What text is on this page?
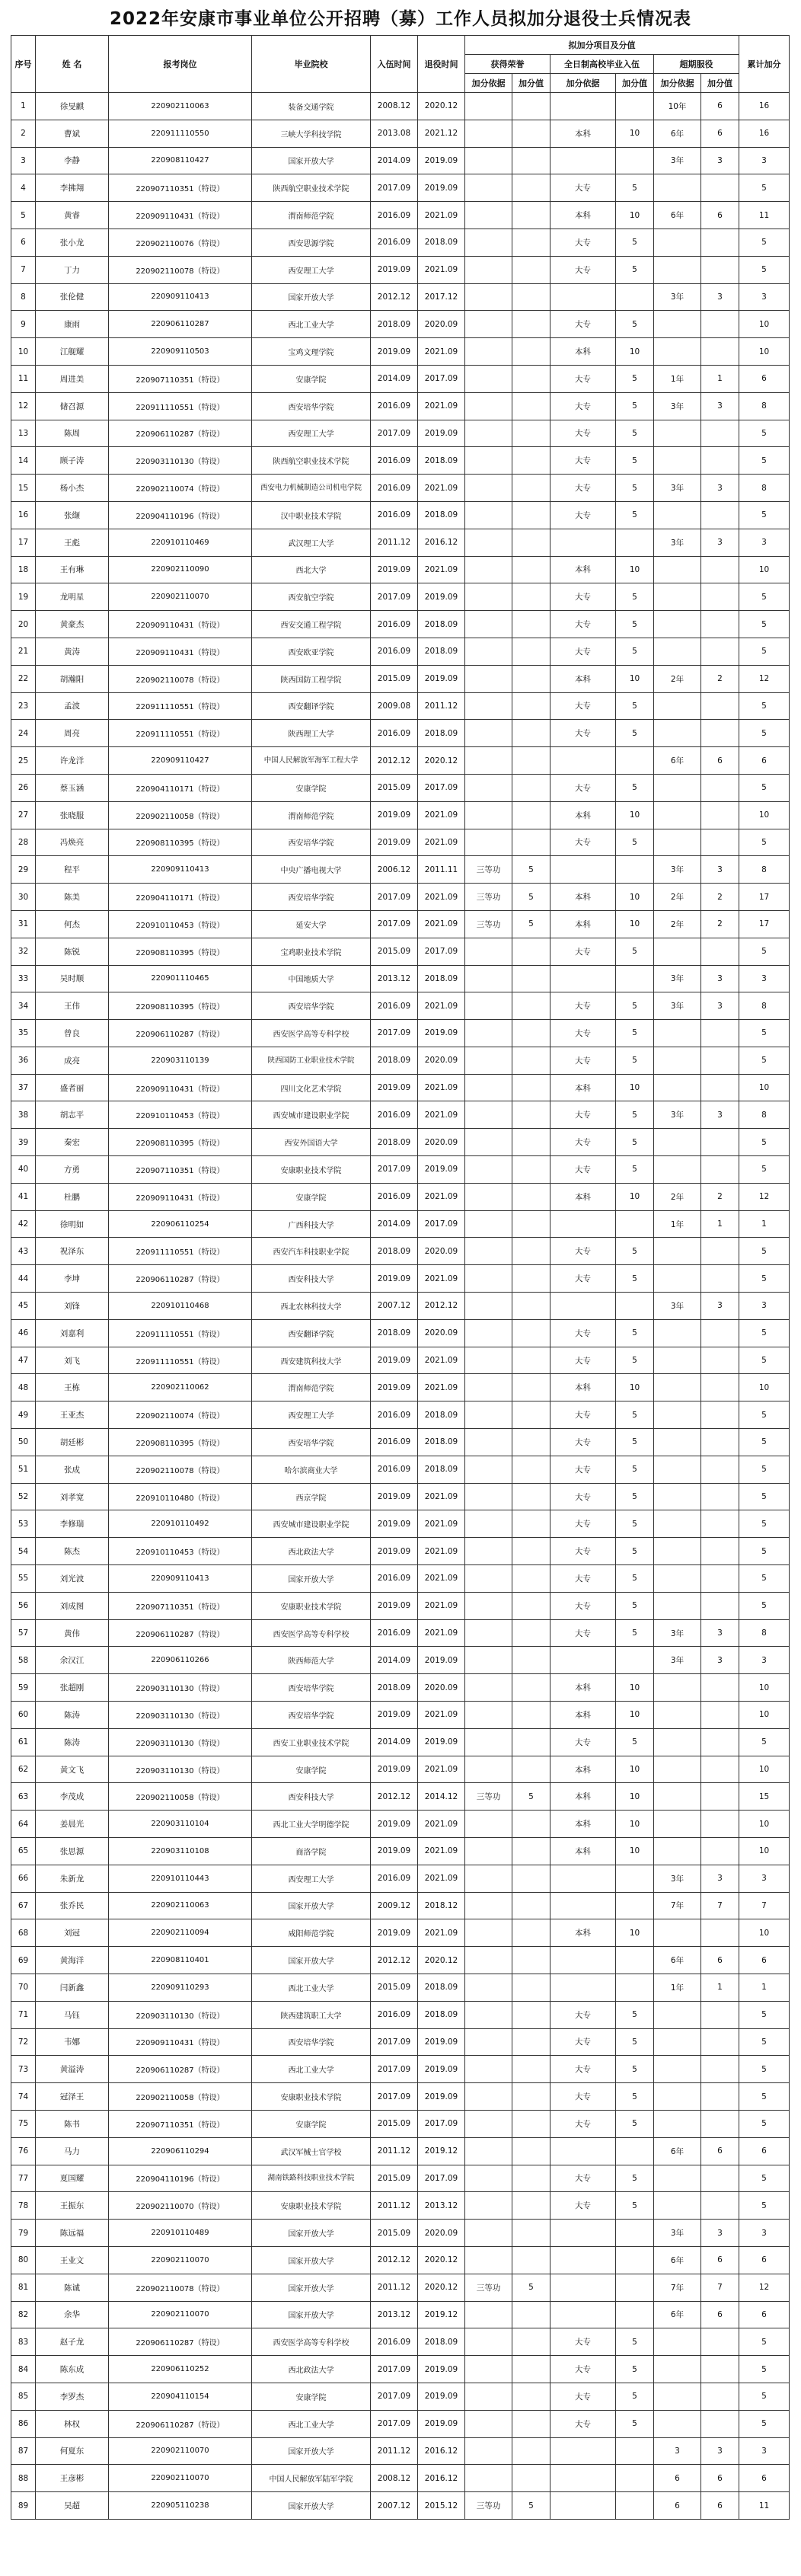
2022年安康市事业单位公开招聘（募）工作人员拟加分退役士兵情况表
序号	姓 名	报考岗位	毕业院校	入伍时间	退役时间	拟加分项目及分值						累计加分
						获得荣誉		全日制高校毕业入伍		超期服役		
						加分依据	加分值	加分依据	加分值	加分依据	加分值	
1	徐旻麒	220902110063	装备交通学院	2008.12	2020.12					10年	6	16
2	曹斌	220911110550	三峡大学科技学院	2013.08	2021.12			本科	10	6年	6	16
3	李静	220908110427	国家开放大学	2014.09	2019.09					3年	3	3
4	李拂翔	220907110351（特设）	陕西航空职业技术学院	2017.09	2019.09			大专	5			5
5	黄睿	220909110431（特设）	渭南师范学院	2016.09	2021.09			本科	10	6年	6	11
6	张小龙	220902110076（特设）	西安思源学院	2016.09	2018.09			大专	5			5
7	丁力	220902110078（特设）	西安理工大学	2019.09	2021.09			大专	5			5
8	张伦健	220909110413	国家开放大学	2012.12	2017.12					3年	3	3
9	康雨	220906110287	西北工业大学	2018.09	2020.09			大专	5			10
10	江舰耀	220909110503	宝鸡文理学院	2019.09	2021.09			本科	10			10
11	周进美	220907110351（特设）	安康学院	2014.09	2017.09			大专	5	1年	1	6
12	储召源	220911110551（特设）	西安培华学院	2016.09	2021.09			大专	5	3年	3	8
13	陈周	220906110287（特设）	西安理工大学	2017.09	2019.09			大专	5			5
14	顾子涛	220903110130（特设）	陕西航空职业技术学院	2016.09	2018.09			大专	5			5
15	杨小杰	220902110074（特设）	西安电力机械制造公司机电学院	2016.09	2021.09			大专	5	3年	3	8
16	张缬	220904110196（特设）	汉中职业技术学院	2016.09	2018.09			大专	5			5
17	王彪	220910110469	武汉理工大学	2011.12	2016.12					3年	3	3
18	王有琳	220902110090	西北大学	2019.09	2021.09			本科	10			10
19	龙明星	220902110070	西安航空学院	2017.09	2019.09			大专	5			5
20	黄豪杰	220909110431（特设）	西安交通工程学院	2016.09	2018.09			大专	5			5
21	黄涛	220909110431（特设）	西安欧亚学院	2016.09	2018.09			大专	5			5
22	胡瀚阳	220902110078（特设）	陕西国防工程学院	2015.09	2019.09			本科	10	2年	2	12
23	孟波	220911110551（特设）	西安翻译学院	2009.08	2011.12			大专	5			5
24	周亮	220911110551（特设）	陕西理工大学	2016.09	2018.09			大专	5			5
25	许龙洋	220909110427	中国人民解放军海军工程大学	2012.12	2020.12					6年	6	6
26	蔡玉涵	220904110171（特设）	安康学院	2015.09	2017.09			大专	5			5
27	张晓服	220902110058（特设）	渭南师范学院	2019.09	2021.09			本科	10			10
28	冯焕亮	220908110395（特设）	西安培华学院	2019.09	2021.09			大专	5			5
29	程平	220909110413	中央广播电视大学	2006.12	2011.11	三等功	5			3年	3	8
30	陈美	220904110171（特设）	西安培华学院	2017.09	2021.09	三等功	5	本科	10	2年	2	17
31	何杰	220910110453（特设）	延安大学	2017.09	2021.09	三等功	5	本科	10	2年	2	17
32	陈锐	220908110395（特设）	宝鸡职业技术学院	2015.09	2017.09			大专	5			5
33	吴时顺	220901110465	中国地质大学	2013.12	2018.09					3年	3	3
34	王伟	220908110395（特设）	西安培华学院	2016.09	2021.09			大专	5	3年	3	8
35	曾良	220906110287（特设）	西安医学高等专科学校	2017.09	2019.09			大专	5			5
36	成亮	220903110139	陕西国防工业职业技术学院	2018.09	2020.09			大专	5			5
37	盛者丽	220909110431（特设）	四川文化艺术学院	2019.09	2021.09			本科	10			10
38	胡志平	220910110453（特设）	西安城市建设职业学院	2016.09	2021.09			大专	5	3年	3	8
39	秦宏	220908110395（特设）	西安外国语大学	2018.09	2020.09			大专	5			5
40	方勇	220907110351（特设）	安康职业技术学院	2017.09	2019.09			大专	5			5
41	杜鹏	220909110431（特设）	安康学院	2016.09	2021.09			本科	10	2年	2	12
42	徐明如	220906110254	广西科技大学	2014.09	2017.09					1年	1	1
43	祝泽东	220911110551（特设）	西安汽车科技职业学院	2018.09	2020.09			大专	5			5
44	李坤	220906110287（特设）	西安科技大学	2019.09	2021.09			大专	5			5
45	刘锋	220910110468	西北农林科技大学	2007.12	2012.12					3年	3	3
46	刘嘉利	220911110551（特设）	西安翻译学院	2018.09	2020.09			大专	5			5
47	刘飞	220911110551（特设）	西安建筑科技大学	2019.09	2021.09			大专	5			5
48	王栋	220902110062	渭南师范学院	2019.09	2021.09			本科	10			10
49	王亚杰	220902110074（特设）	西安理工大学	2016.09	2018.09			大专	5			5
50	胡廷彬	220908110395（特设）	西安培华学院	2016.09	2018.09			大专	5			5
51	张成	220902110078（特设）	哈尔滨商业大学	2016.09	2018.09			大专	5			5
52	刘孝宽	220910110480（特设）	西京学院	2019.09	2021.09			大专	5			5
53	李修瑞	220910110492	西安城市建设职业学院	2019.09	2021.09			大专	5			5
54	陈杰	220910110453（特设）	西北政法大学	2019.09	2021.09			大专	5			5
55	刘光波	220909110413	国家开放大学	2016.09	2021.09			大专	5			5
56	刘成图	220907110351（特设）	安康职业技术学院	2019.09	2021.09			大专	5			5
57	黄伟	220906110287（特设）	西安医学高等专科学校	2016.09	2021.09			大专	5	3年	3	8
58	余汉江	220906110266	陕西师范大学	2014.09	2019.09					3年	3	3
59	张超刚	220903110130（特设）	西安培华学院	2018.09	2020.09			本科	10			10
60	陈涛	220903110130（特设）	西安培华学院	2019.09	2021.09			本科	10			10
61	陈涛	220903110130（特设）	西安工业职业技术学院	2014.09	2019.09			大专	5			5
62	黄文飞	220903110130（特设）	安康学院	2019.09	2021.09			本科	10			10
63	李茂成	220902110058（特设）	西安科技大学	2012.12	2014.12	三等功	5	本科	10			15
64	姜晨光	220903110104	西北工业大学明德学院	2019.09	2021.09			本科	10			10
65	张思源	220903110108	商洛学院	2019.09	2021.09			本科	10			10
66	朱新龙	220910110443	西安理工大学	2016.09	2021.09					3年	3	3
67	张乔民	220902110063	国家开放大学	2009.12	2018.12					7年	7	7
68	刘冠	220902110094	咸阳师范学院	2019.09	2021.09			本科	10			10
69	黄海洋	220908110401	国家开放大学	2012.12	2020.12					6年	6	6
70	闫新鑫	220909110293	西北工业大学	2015.09	2018.09					1年	1	1
71	马钰	220903110130（特设）	陕西建筑职工大学	2016.09	2018.09			大专	5			5
72	韦娜	220909110431（特设）	西安培华学院	2017.09	2019.09			大专	5			5
73	黄溢涛	220906110287（特设）	西北工业大学	2017.09	2019.09			大专	5			5
74	冠泽王	220902110058（特设）	安康职业技术学院	2017.09	2019.09			大专	5			5
75	陈书	220907110351（特设）	安康学院	2015.09	2017.09			大专	5			5
76	马力	220906110294	武汉军械士官学校	2011.12	2019.12					6年	6	6
77	夏国耀	220904110196（特设）	湖南铁路科技职业技术学院	2015.09	2017.09			大专	5			5
78	王振东	220902110070（特设）	安康职业技术学院	2011.12	2013.12			大专	5			5
79	陈远福	220910110489	国家开放大学	2015.09	2020.09					3年	3	3
80	王业文	220902110070	国家开放大学	2012.12	2020.12					6年	6	6
81	陈诚	220902110078（特设）	国家开放大学	2011.12	2020.12	三等功	5			7年	7	12
82	余华	220902110070	国家开放大学	2013.12	2019.12					6年	6	6
83	赵子龙	220906110287（特设）	西安医学高等专科学校	2016.09	2018.09			大专	5			5
84	陈东成	220906110252	西北政法大学	2017.09	2019.09			大专	5			5
85	李罗杰	220904110154	安康学院	2017.09	2019.09			大专	5			5
86	林权	220906110287（特设）	西北工业大学	2017.09	2019.09			大专	5			5
87	何夏东	220902110070	国家开放大学	2011.12	2016.12					3	3	3
88	王彦彬	220902110070	中国人民解放军陆军学院	2008.12	2016.12					6	6	6
89	吴超	220905110238	国家开放大学	2007.12	2015.12	三等功	5			6	6	11
